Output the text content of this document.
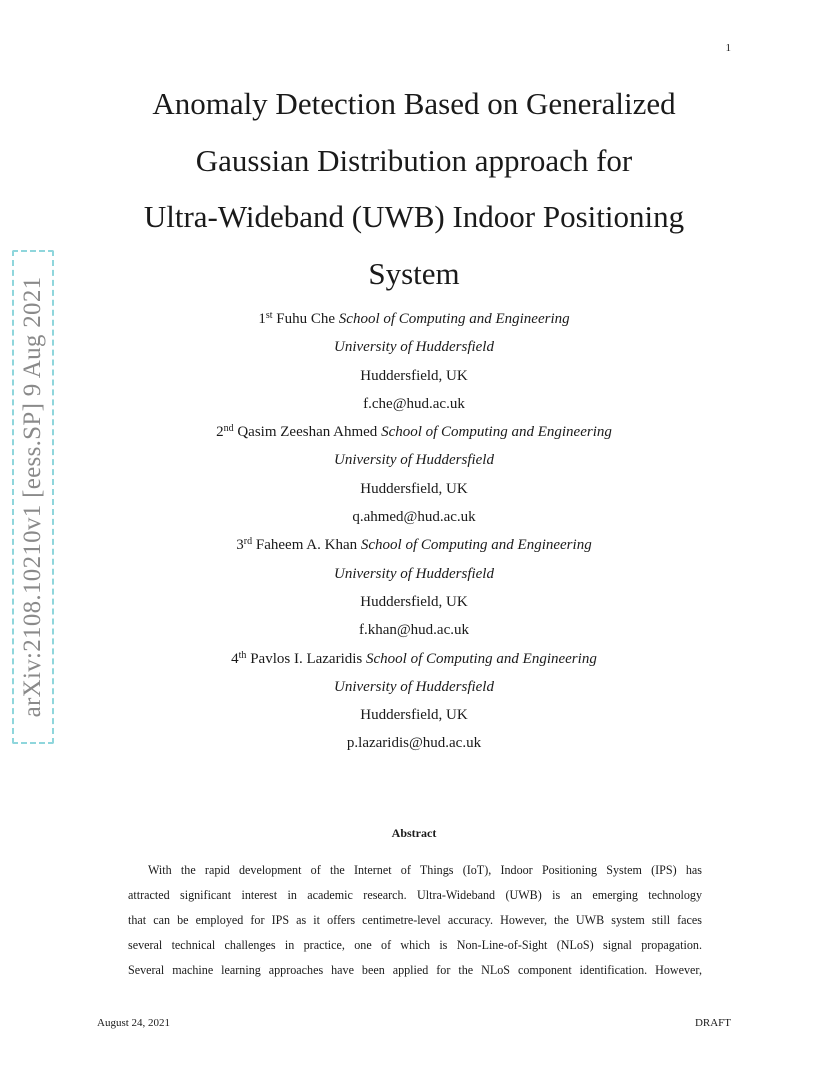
1
arXiv:2108.10210v1 [eess.SP] 9 Aug 2021
Anomaly Detection Based on Generalized
Gaussian Distribution approach for
Ultra-Wideband (UWB) Indoor Positioning
System
1st Fuhu Che School of Computing and Engineering
University of Huddersfield
Huddersfield, UK
f.che@hud.ac.uk
2nd Qasim Zeeshan Ahmed School of Computing and Engineering
University of Huddersfield
Huddersfield, UK
q.ahmed@hud.ac.uk
3rd Faheem A. Khan School of Computing and Engineering
University of Huddersfield
Huddersfield, UK
f.khan@hud.ac.uk
4th Pavlos I. Lazaridis School of Computing and Engineering
University of Huddersfield
Huddersfield, UK
p.lazaridis@hud.ac.uk
Abstract
With the rapid development of the Internet of Things (IoT), Indoor Positioning System (IPS) has
attracted significant interest in academic research. Ultra-Wideband (UWB) is an emerging technology
that can be employed for IPS as it offers centimetre-level accuracy. However, the UWB system still faces
several technical challenges in practice, one of which is Non-Line-of-Sight (NLoS) signal propagation.
Several machine learning approaches have been applied for the NLoS component identification. However,
August 24, 2021	DRAFT
